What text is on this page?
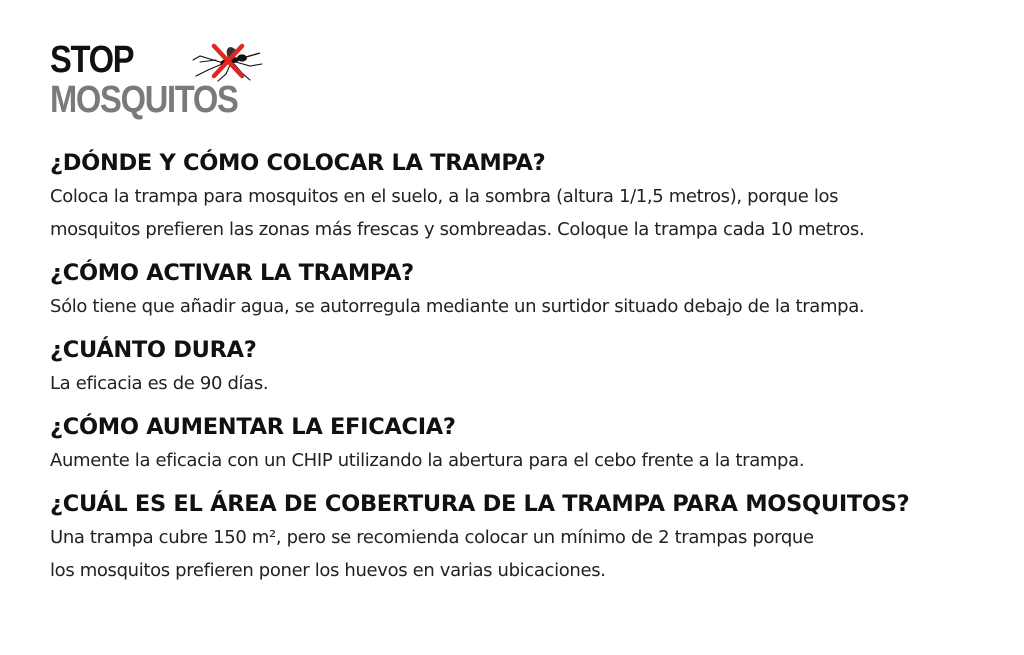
STOP
MOSQUITOS

¿DÓNDE Y CÓMO COLOCAR LA TRAMPA?

Coloca la trampa para mosquitos en el suelo, a la sombra (altura 1/1,5 metros), porque los

mosquitos prefieren las zonas más frescas y sombreadas. Coloque la trampa cada 10 metros.

¿CÓMO ACTIVAR LA TRAMPA?

Sólo tiene que añadir agua, se autorregula mediante un surtidor situado debajo de la trampa.

¿CUÁNTO DURA?

La eficacia es de 90 días.

¿CÓMO AUMENTAR LA EFICACIA?

Aumente la eficacia con un CHIP utilizando la abertura para el cebo frente a la trampa.

¿CUÁL ES EL ÁREA DE COBERTURA DE LA TRAMPA PARA MOSQUITOS?

Una trampa cubre 150 m², pero se recomienda colocar un mínimo de 2 trampas porque

los mosquitos prefieren poner los huevos en varias ubicaciones.
